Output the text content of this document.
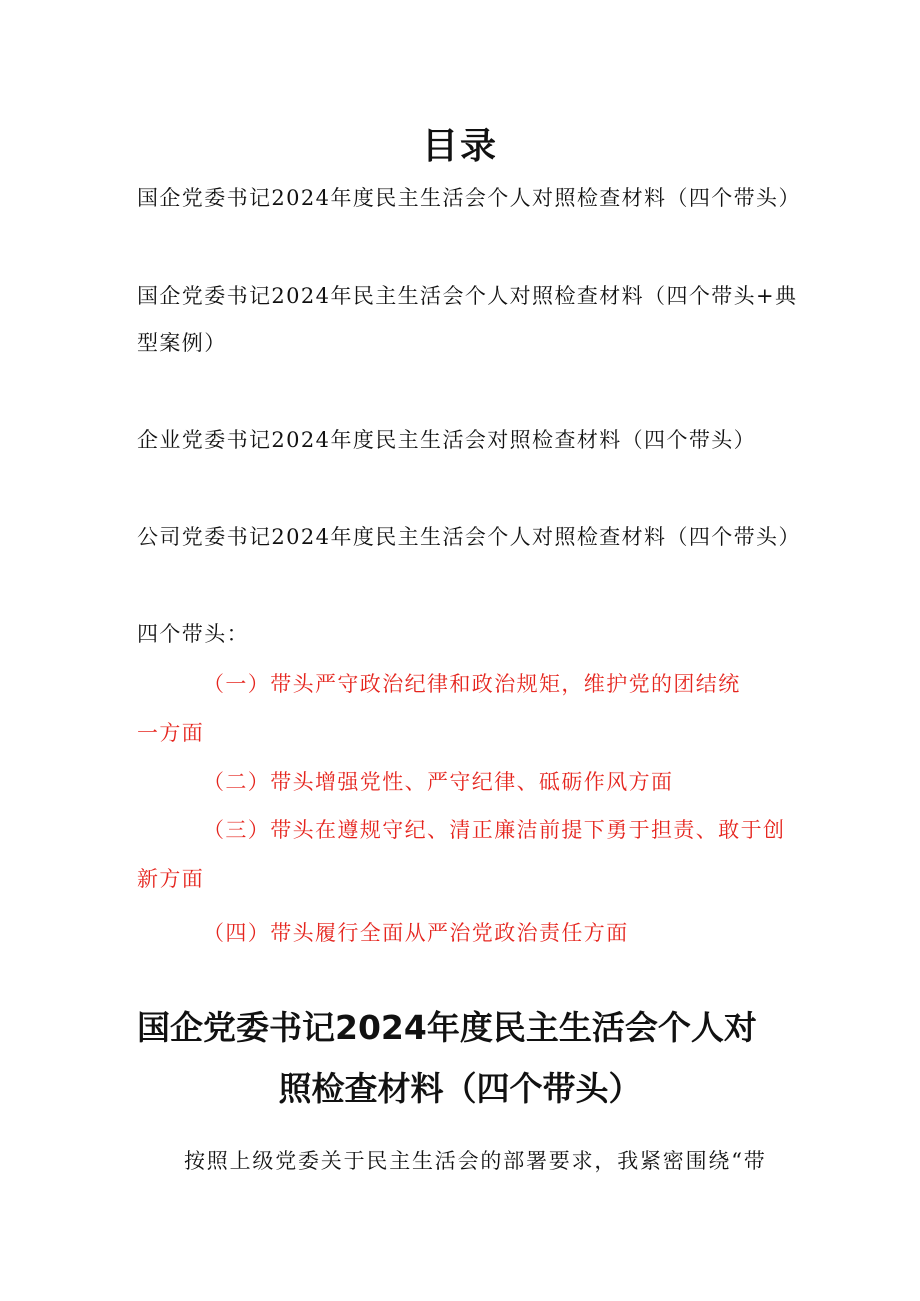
目录
国企党委书记2024年度民主生活会个人对照检查材料（四个带头）
国企党委书记2024年民主生活会个人对照检查材料（四个带头+典
型案例）
企业党委书记2024年度民主生活会对照检查材料（四个带头）
公司党委书记2024年度民主生活会个人对照检查材料（四个带头）
四个带头：
（一）带头严守政治纪律和政治规矩，维护党的团结统
一方面
（二）带头增强党性、严守纪律、砥砺作风方面
（三）带头在遵规守纪、清正廉洁前提下勇于担责、敢于创
新方面
（四）带头履行全面从严治党政治责任方面
国企党委书记2024年度民主生活会个人对
照检查材料（四个带头）
按照上级党委关于民主生活会的部署要求，我紧密围绕“带
